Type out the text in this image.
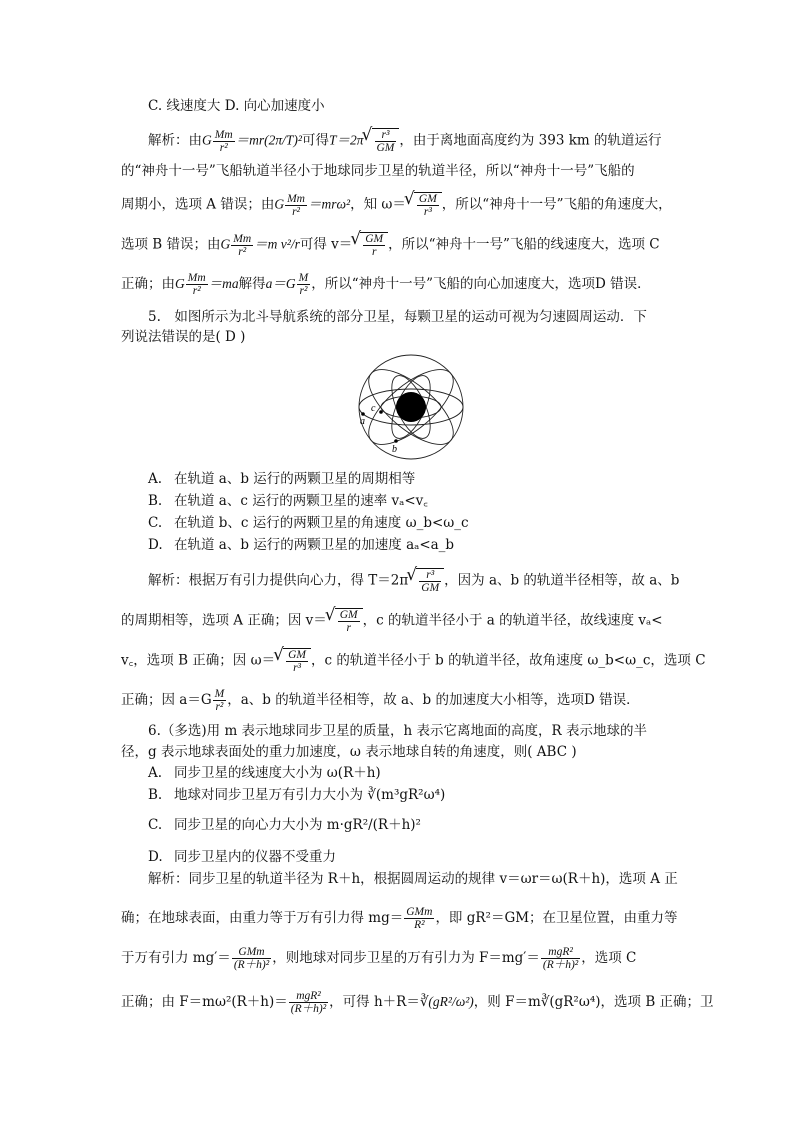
C. 线速度大 D. 向心加速度小
解析：由G $\frac{Mm}{\text{r²}} =mr(2\pi/T)^2$可得T＝2π √ $\frac{\text{r³}}{GM}$ ，由于离地面高度约为 393 km 的轨道运行
的“神舟十一号”飞船轨道半径小于地球同步卫星的轨道半径，所以“神舟十一号”飞船的
周期小，选项 A 错误；由G $\frac{Mm}{\text{r²}} =mr\omega^2$，知 ω＝ √ $\frac{GM}{\text{r³}}$ ，所以“神舟十一号”飞船的角速度大，
选项 B 错误；由G $\frac{Mm}{\text{r²}} =m$ v²/r可得 v＝ √ $\frac{GM}{r}$ ，所以“神舟十一号”飞船的线速度大，选项 C
正确；由G $\frac{Mm}{\text{r²}} =ma$解得$a=G \frac{M}{\text{r²}}$ ，所以“神舟十一号”飞船的向心加速度大，选项D 错误．
5.　如图所示为北斗导航系统的部分卫星，每颗卫星的运动可视为匀速圆周运动．下
列说法错误的是( D )
a
b
c
A. 在轨道 a、b 运行的两颗卫星的周期相等
B. 在轨道 a、c 运行的两颗卫星的速率 vₐ<v꜀
C. 在轨道 b、c 运行的两颗卫星的角速度 ω_b<ω_c
D. 在轨道 a、b 运行的两颗卫星的加速度 aₐ<a_b
解析：根据万有引力提供向心力，得 T＝2π √ $\frac{\text{r³}}{GM}$ ，因为 a、b 的轨道半径相等，故 a、b
的周期相等，选项 A 正确；因 v＝ √ $\frac{GM}{r}$ ，c 的轨道半径小于 a 的轨道半径，故线速度 vₐ<
v꜀，选项 B 正确；因 ω＝ √ $\frac{GM}{\text{r³}}$ ，c 的轨道半径小于 b 的轨道半径，故角速度 ω_b<ω_c，选项 C
正确；因 $a=G \frac{M}{\text{r²}}$ ，a、b 的轨道半径相等，故 a、b 的加速度大小相等，选项D 错误．
6.（多选)用 m 表示地球同步卫星的质量，h 表示它离地面的高度，R 表示地球的半
径，g 表示地球表面处的重力加速度，ω 表示地球自转的角速度，则( ABC )
A. 同步卫星的线速度大小为 ω(R＋h)
B. 地球对同步卫星万有引力大小为 ∛(m³gR²ω⁴)
C. 同步卫星的向心力大小为 m·gR²/(R＋h)²
D. 同步卫星内的仪器不受重力
解析：同步卫星的轨道半径为 R＋h，根据圆周运动的规律 v＝ωr＝ω(R＋h)，选项 A 正
确；在地球表面，由重力等于万有引力得 $mg= \frac{\text{GMm}}{\text{R²}}$ ，即 gR²＝GM；在卫星位置，由重力等
于万有引力 $mg'= \frac{\text{GMm}}{\text{(R＋h)²}}$ ，则地球对同步卫星的万有引力为 $F=mg'= \frac{\text{mgR²}}{\text{(R＋h)²}}$ ，选项 C
正确；由 $F=m\omega^2(R+h)= \frac{\text{mgR²}}{\text{(R＋h)²}}$ ，可得 h＋R＝∛(gR²/ω²)，则 F＝m∛(gR²ω⁴)，选项 B 正确；卫
